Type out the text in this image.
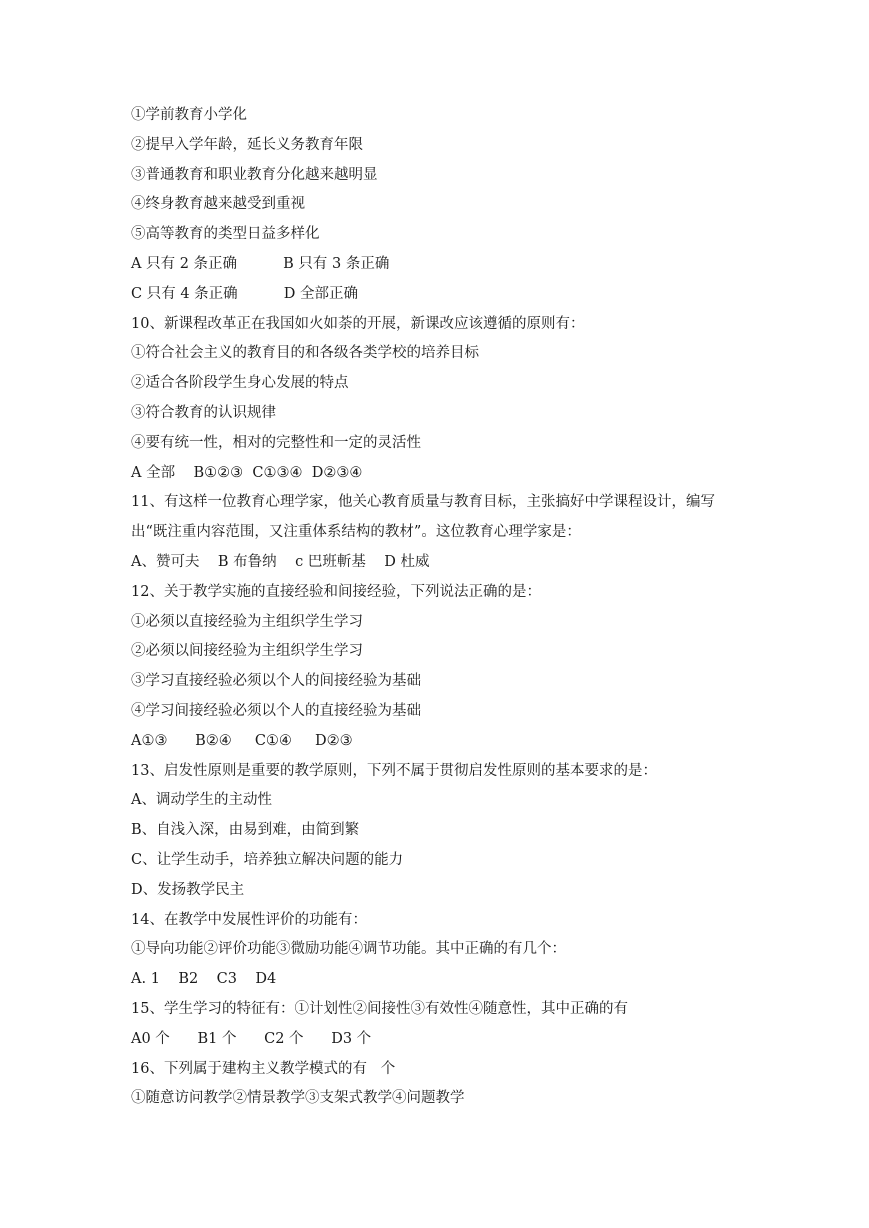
①学前教育小学化

②提早入学年龄，延长义务教育年限

③普通教育和职业教育分化越来越明显

④终身教育越来越受到重视

⑤高等教育的类型日益多样化

A 只有 2 条正确          B 只有 3 条正确

C 只有 4 条正确          D 全部正确

10、新课程改革正在我国如火如荼的开展，新课改应该遵循的原则有：

①符合社会主义的教育目的和各级各类学校的培养目标

②适合各阶段学生身心发展的特点

③符合教育的认识规律

④要有统一性，相对的完整性和一定的灵活性

A 全部    B①②③  C①③④  D②③④

11、有这样一位教育心理学家，他关心教育质量与教育目标，主张搞好中学课程设计，编写

出“既注重内容范围，又注重体系结构的教材”。这位教育心理学家是：

A、赞可夫    B 布鲁纳    c 巴班斬基    D 杜威

12、关于教学实施的直接经验和间接经验，下列说法正确的是：

①必须以直接经验为主组织学生学习

②必须以间接经验为主组织学生学习

③学习直接经验必须以个人的间接经验为基础

④学习间接经验必须以个人的直接经验为基础

A①③      B②④     C①④     D②③

13、启发性原则是重要的教学原则，下列不属于贯彻启发性原则的基本要求的是：

A、调动学生的主动性

B、自浅入深，由易到难，由简到繁

C、让学生动手，培养独立解决问题的能力

D、发扬教学民主

14、在教学中发展性评价的功能有：

①导向功能②评价功能③微励功能④调节功能。其中正确的有几个：

A. 1    B2    C3    D4

15、学生学习的特征有：①计划性②间接性③有效性④随意性，其中正确的有

A0 个      B1 个      C2 个      D3 个

16、下列属于建构主义教学模式的有   个

①随意访问教学②情景教学③支架式教学④问题教学
